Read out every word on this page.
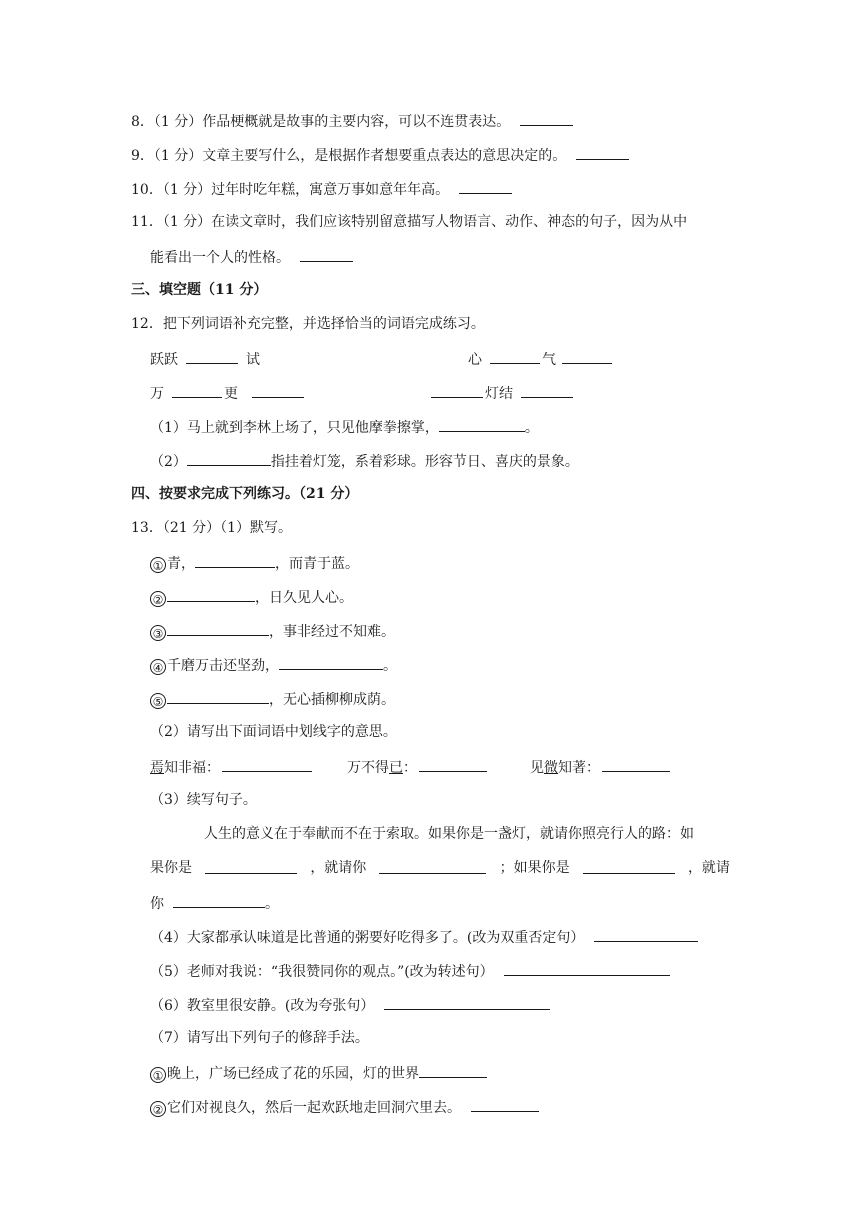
8．（1 分）作品梗概就是故事的主要内容，可以不连贯表达。
9．（1 分）文章主要写什么，是根据作者想要重点表达的意思决定的。
10．（1 分）过年时吃年糕，寓意万事如意年年高。
11．（1 分）在读文章时，我们应该特别留意描写人物语言、动作、神态的句子，因为从中
能看出一个人的性格。
三、填空题（11 分）
12．把下列词语补充完整，并选择恰当的词语完成练习。
跃跃	试	心	气
万	更	灯结
（1）马上就到李林上场了，只见他摩拳擦掌，	。
（2）	指挂着灯笼，系着彩球。形容节日、喜庆的景象。
四、按要求完成下列练习。（21 分）
13．（21 分）（1）默写。
① 青，	，而青于蓝。
②	，日久见人心。
③	，事非经过不知难。
④ 千磨万击还坚劲，	。
⑤	，无心插柳柳成荫。
（2）请写出下面词语中划线字的意思。
焉知非福：	万不得已：	见微知著：
（3）续写句子。
人生的意义在于奉献而不在于索取。如果你是一盏灯，就请你照亮行人的路：如
果你是	，就请你	；如果你是	，就请
你	。
（4）大家都承认味道是比普通的粥要好吃得多了。(改为双重否定句）
（5）老师对我说：“我很赞同你的观点。”(改为转述句）
（6）教室里很安静。(改为夸张句）
（7）请写出下列句子的修辞手法。
① 晚上，广场已经成了花的乐园，灯的世界
② 它们对视良久，然后一起欢跃地走回洞穴里去。
